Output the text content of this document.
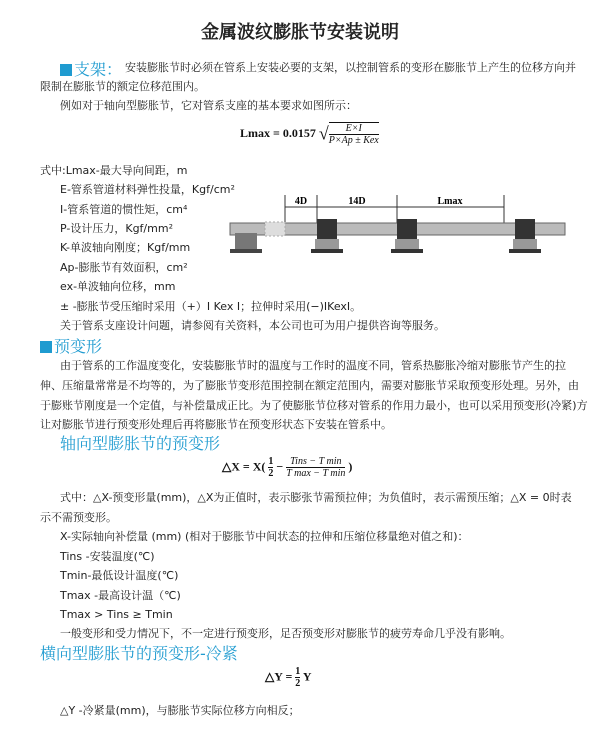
金属波纹膨胀节安装说明
支架： 安装膨胀节时必须在管系上安装必要的支架，以控制管系的变形在膨胀节上产生的位移方向并
限制在膨胀节的额定位移范围内。
例如对于轴向型膨胀节，它对管系支座的基本要求如图所示：
Lmax = 0.0157 √	E×I
P×Ap ± Kex
式中:Lmax-最大导向间距，m
E-管系管道材料弹性投量，Kgf/cm²
I-管系管道的惯性矩，cm⁴
P-设计压力，Kgf/mm²
K-单波轴向刚度；Kgf/mm
Ap-膨胀节有效面积，cm²
ex-单波轴向位移，mm
± -膨胀节受压缩时采用（+）I Kex I；拉伸时采用(−)IKexI。
关于管系支座设计问题，请参阅有关资料，本公司也可为用户提供咨询等服务。
4D	14D	Lmax
预变形
由于管系的工作温度变化，安装膨胀节时的温度与工作时的温度不同，管系热膨胀冷缩对膨胀节产生的拉
伸、压缩量常常是不均等的，为了膨胀节变形范围控制在额定范围内，需要对膨胀节采取预变形处理。另外，由
于膨账节刚度是一个定值，与补偿量成正比。为了使膨胀节位移对管系的作用力最小，也可以采用预变形(冷紧)方
让对膨胀节进行预变形处理后再将膨胀节在预变形状态下安装在管系中。
轴向型膨胀节的预变形
△X = $X( \frac{1}{2}$ − Tins − T min
T max − T min
)
式中：△X-预变形量(mm)，△X为正值时，表示膨张节需预拉伸；为负值时，表示需预压缩；△X = 0时表
示不需预变形。
X-实际轴向补偿量 (mm) (相对于膨胀节中间状态的拉伸和压缩位移量绝对值之和)：
Tins -安装温度(℃)
Tmin-最低设计温度(℃)
Tmax -最高设计温（℃)
Tmax > Tins ≥ Tmin
一般变形和受力情况下，不一定进行预变形，足否预变形对膨胀节的疲劳寿命几乎没有影响。
横向型膨胀节的预变形-冷紧
△Y = $\frac{1}{2}$ Y
△Y -冷紧量(mm)，与膨胀节实际位移方向相反；
